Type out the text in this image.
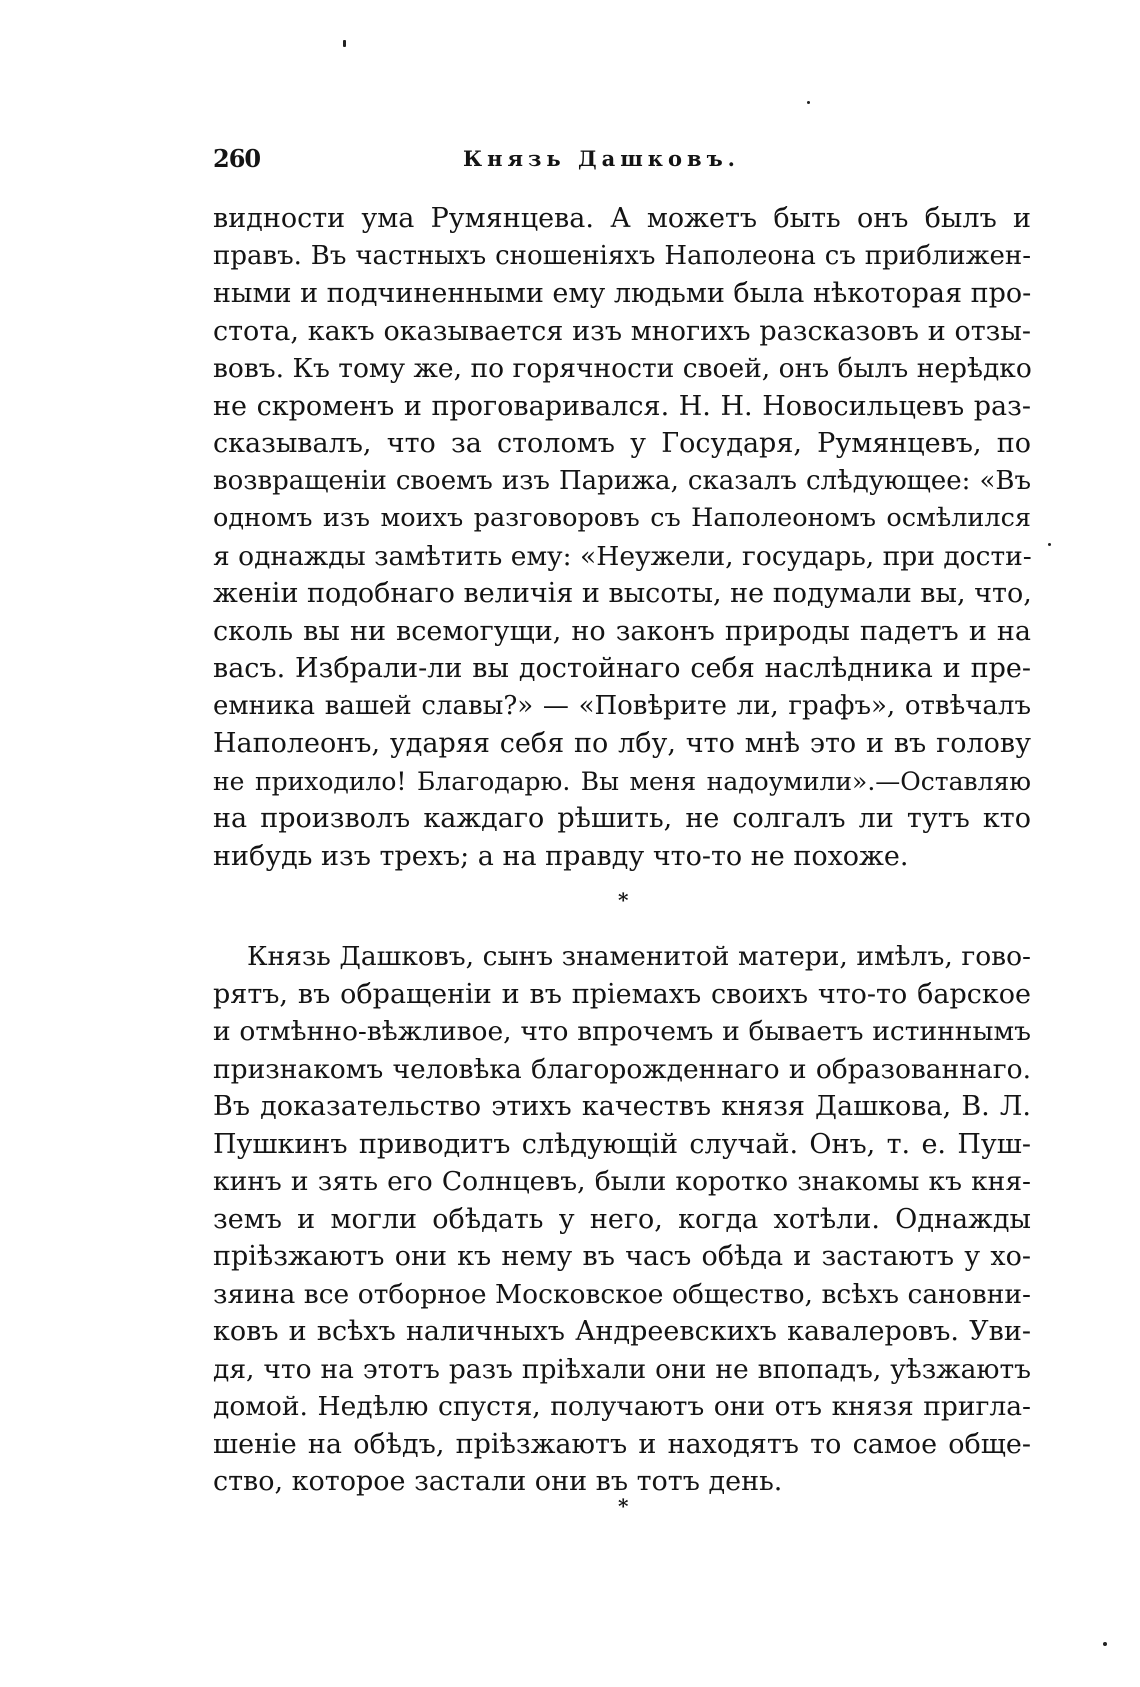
260	Князь Дашковъ.
видности ума Румянцева. А можетъ быть онъ былъ и
правъ. Въ частныхъ сношеніяхъ Наполеона съ приближен-
ными и подчиненными ему людьми была нѣкоторая про-
стота, какъ оказывается изъ многихъ разсказовъ и отзы-
вовъ. Къ тому же, по горячности своей, онъ былъ нерѣдко
не скроменъ и проговаривался. Н. Н. Новосильцевъ раз-
сказывалъ, что за столомъ у Государя, Румянцевъ, по
возвращеніи своемъ изъ Парижа, сказалъ слѣдующее: «Въ
одномъ изъ моихъ разговоровъ съ Наполеономъ осмѣлился
я однажды замѣтить ему: «Неужели, государь, при дости-
женіи подобнаго величія и высоты, не подумали вы, что,
сколь вы ни всемогущи, но законъ природы падетъ и на
васъ. Избрали-ли вы достойнаго себя наслѣдника и пре-
емника вашей славы?» — «Повѣрите ли, графъ», отвѣчалъ
Наполеонъ, ударяя себя по лбу, что мнѣ это и въ голову
не приходило! Благодарю. Вы меня надоумили».—Оставляю
на произволъ каждаго рѣшить, не солгалъ ли тутъ кто
нибудь изъ трехъ; а на правду что-то не похоже.
*
Князь Дашковъ, сынъ знаменитой матери, имѣлъ, гово-
рятъ, въ обращеніи и въ пріемахъ своихъ что-то барское
и отмѣнно-вѣжливое, что впрочемъ и бываетъ истиннымъ
признакомъ человѣка благорожденнаго и образованнаго.
Въ доказательство этихъ качествъ князя Дашкова, В. Л.
Пушкинъ приводитъ слѣдующій случай. Онъ, т. е. Пуш-
кинъ и зять его Солнцевъ, были коротко знакомы къ кня-
земъ и могли обѣдать у него, когда хотѣли. Однажды
пріѣзжаютъ они къ нему въ часъ обѣда и застаютъ у хо-
зяина все отборное Московское общество, всѣхъ сановни-
ковъ и всѣхъ наличныхъ Андреевскихъ кавалеровъ. Уви-
дя, что на этотъ разъ пріѣхали они не впопадъ, уѣзжаютъ
домой. Недѣлю спустя, получаютъ они отъ князя пригла-
шеніе на обѣдъ, пріѣзжаютъ и находятъ то самое обще-
ство, которое застали они въ тотъ день.
*
